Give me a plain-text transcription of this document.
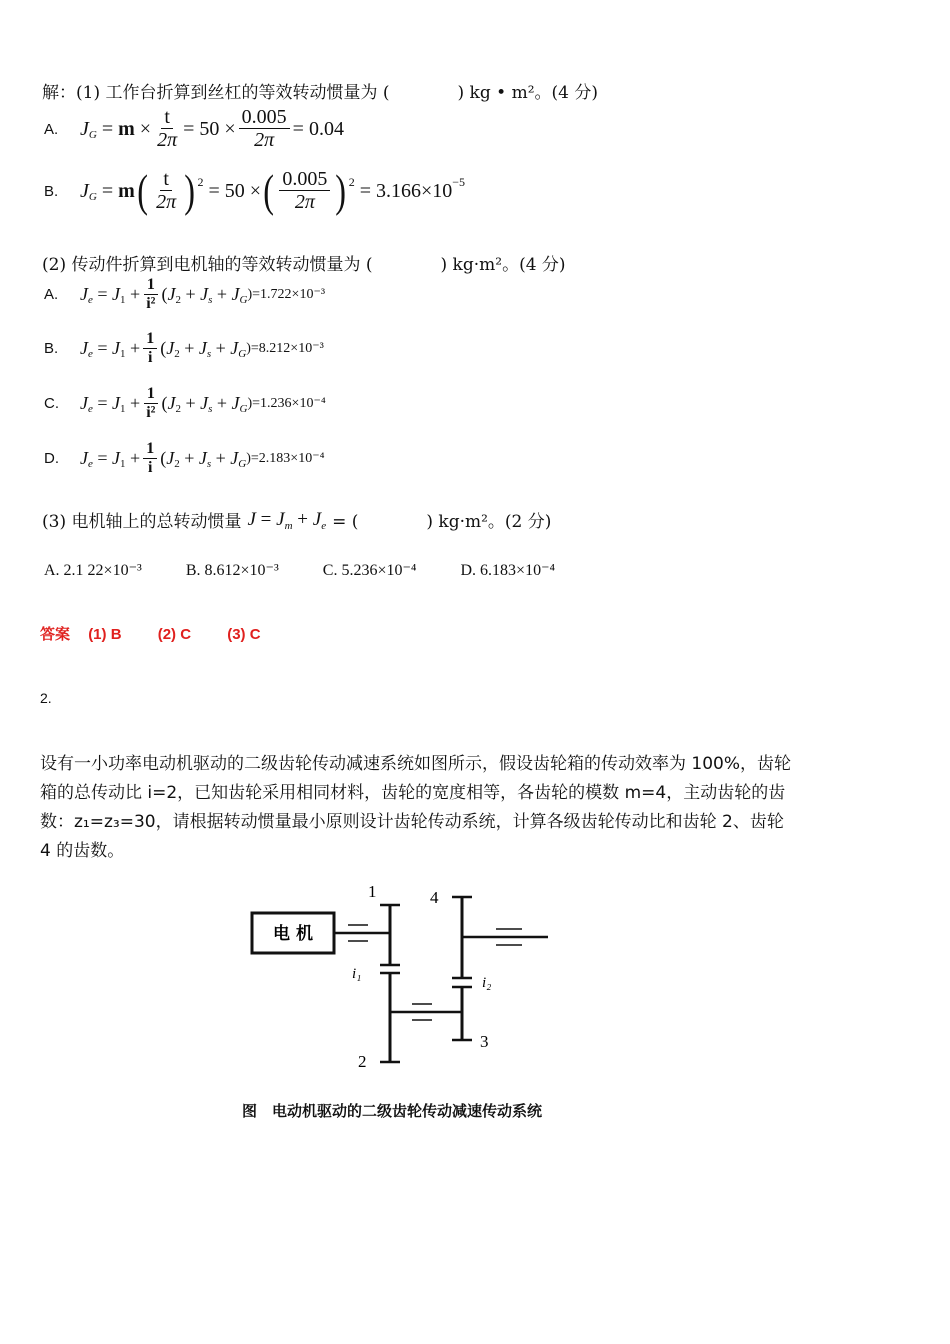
解：(1) 工作台折算到丝杠的等效转动惯量为 (　　　　) kg • m²。(4 分)
A.	J $G = m \times \frac{t}{2\pi} = 50 \times \frac{0.005}{2\pi} = 0.04$
B.	J G = m ( $\frac{t}{2\pi}$ ) 2 = 50 × ( $\frac{0.005}{2\pi}$ ) 2 = 3.166×10 −5
(2) 传动件折算到电机轴的等效转动惯量为 (　　　　) kg·m²。(4 分)
A.	J e = J $1 + \frac{1}{\text{i²}}$ ( J 2 + J s + J G )=1.722×10⁻³
B.	J e = J $1 + \frac{1}{i}$ ( J 2 + J s + J G )=8.212×10⁻³
C.	J e = J $1 + \frac{1}{\text{i²}}$ ( J 2 + J s + J G )=1.236×10⁻⁴
D.	J e = J $1 + \frac{1}{i}$ ( J 2 + J s + J G )=2.183×10⁻⁴
(3) 电机轴上的总转动惯量 J = J m + J e = (　　　　) kg·m²。(2 分)
A. 2.1 22×10⁻³	B. 8.612×10⁻³	C. 5.236×10⁻⁴	D. 6.183×10⁻⁴
答案 (1) B (2) C (3) C
2.
设有一小功率电动机驱动的二级齿轮传动减速系统如图所示，假设齿轮箱的传动效率为 100%，齿轮箱的总传动比 i=2，已知齿轮采用相同材料，齿轮的宽度相等，各齿轮的模数 m=4，主动齿轮的齿数：z₁=z₃=30，请根据转动惯量最小原则设计齿轮传动系统，计算各级齿轮传动比和齿轮 2、齿轮 4 的齿数。
电 机
1
i₁
2
3
i₂
4
图　电动机驱动的二级齿轮传动减速传动系统
